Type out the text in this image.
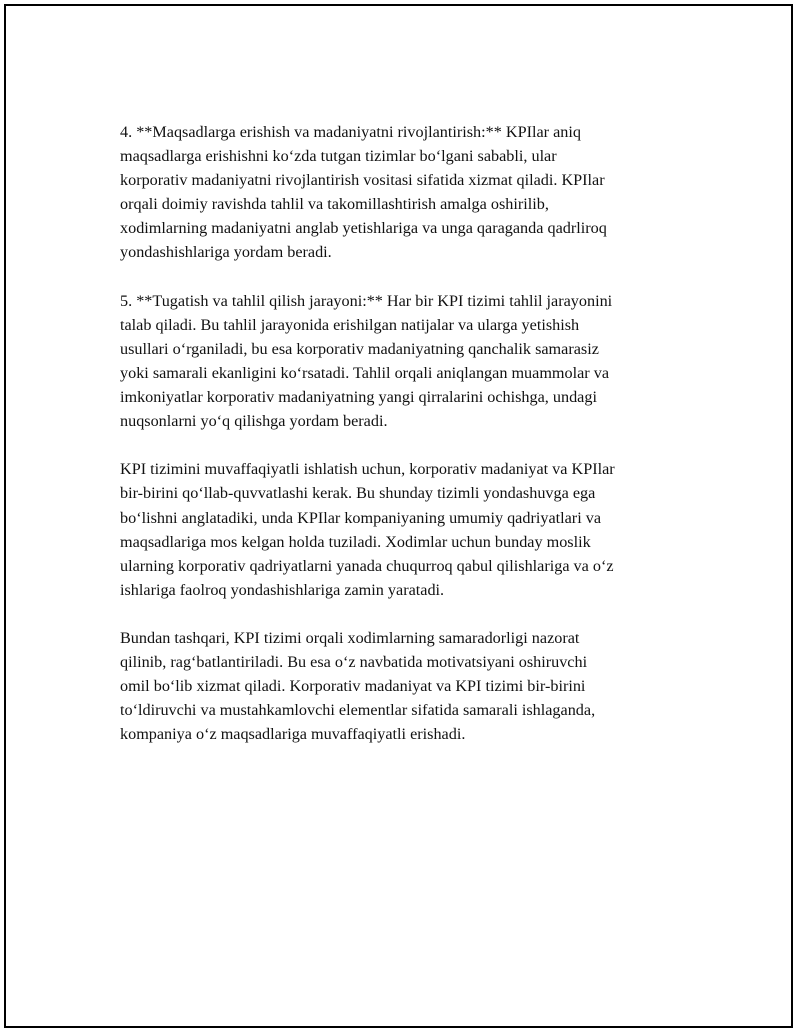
4. **Maqsadlarga erishish va madaniyatni rivojlantirish:** KPIlar aniq
maqsadlarga erishishni koʻzda tutgan tizimlar boʻlgani sababli, ular
korporativ madaniyatni rivojlantirish vositasi sifatida xizmat qiladi. KPIlar
orqali doimiy ravishda tahlil va takomillashtirish amalga oshirilib,
xodimlarning madaniyatni anglab yetishlariga va unga qaraganda qadrliroq
yondashishlariga yordam beradi.

5. **Tugatish va tahlil qilish jarayoni:** Har bir KPI tizimi tahlil jarayonini
talab qiladi. Bu tahlil jarayonida erishilgan natijalar va ularga yetishish
usullari oʻrganiladi, bu esa korporativ madaniyatning qanchalik samarasiz
yoki samarali ekanligini koʻrsatadi. Tahlil orqali aniqlangan muammolar va
imkoniyatlar korporativ madaniyatning yangi qirralarini ochishga, undagi
nuqsonlarni yoʻq qilishga yordam beradi.

KPI tizimini muvaffaqiyatli ishlatish uchun, korporativ madaniyat va KPIlar
bir-birini qoʻllab-quvvatlashi kerak. Bu shunday tizimli yondashuvga ega
boʻlishni anglatadiki, unda KPIlar kompaniyaning umumiy qadriyatlari va
maqsadlariga mos kelgan holda tuziladi. Xodimlar uchun bunday moslik
ularning korporativ qadriyatlarni yanada chuqurroq qabul qilishlariga va oʻz
ishlariga faolroq yondashishlariga zamin yaratadi.

Bundan tashqari, KPI tizimi orqali xodimlarning samaradorligi nazorat
qilinib, ragʻbatlantiriladi. Bu esa oʻz navbatida motivatsiyani oshiruvchi
omil boʻlib xizmat qiladi. Korporativ madaniyat va KPI tizimi bir-birini
toʻldiruvchi va mustahkamlovchi elementlar sifatida samarali ishlaganda,
kompaniya oʻz maqsadlariga muvaffaqiyatli erishadi.
